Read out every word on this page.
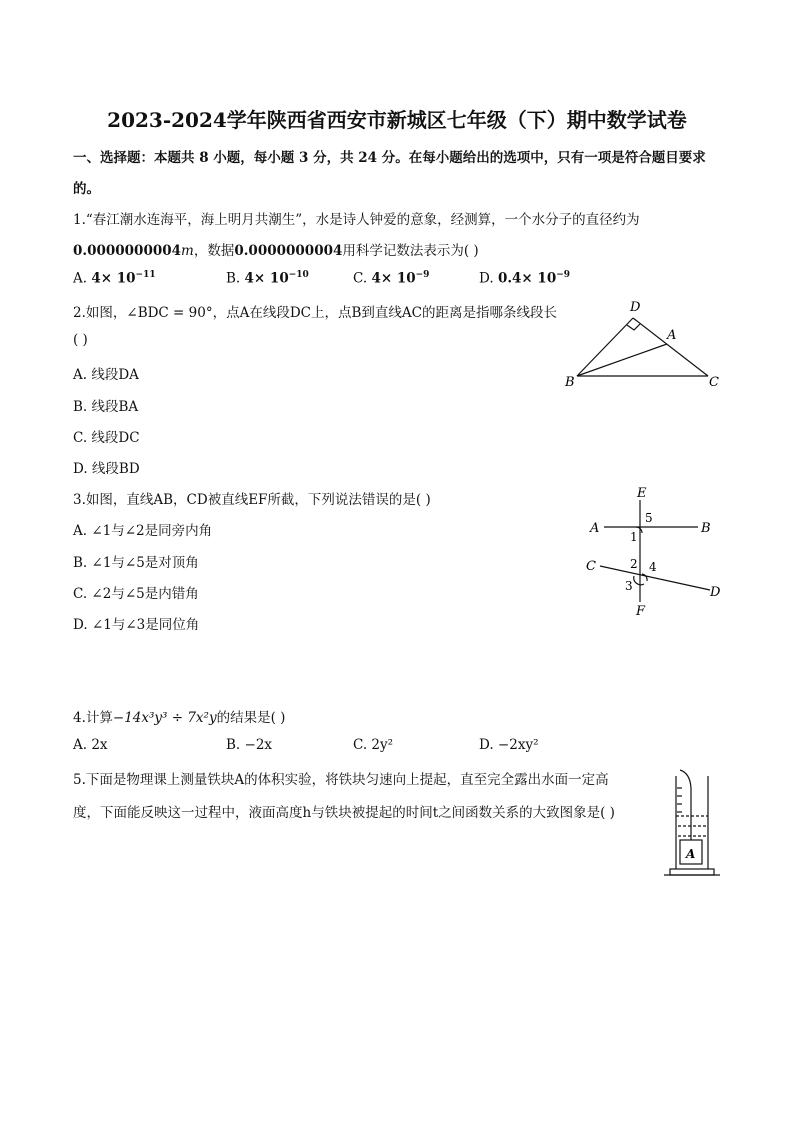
2023-2024学年陕西省西安市新城区七年级（下）期中数学试卷
一、选择题：本题共 8 小题，每小题 3 分，共 24 分。在每小题给出的选项中，只有一项是符合题目要求
的。
1.“春江潮水连海平，海上明月共潮生”，水是诗人钟爱的意象，经测算，一个水分子的直径约为
0.0000000004m，数据0.0000000004用科学记数法表示为( )
A. $4\times 10^{-11}$	B. $4\times 10^{-10}$	C. $4\times 10^{-9}$	D. $0.4\times 10^{-9}$
2.如图，∠BDC = 90°，点A在线段DC上，点B到直线AC的距离是指哪条线段长
( )
A. 线段DA
B. 线段BA
C. 线段DC
D. 线段BD
D
A
B	C
3.如图，直线AB，CD被直线EF所截，下列说法错误的是( )
A. ∠1与∠2是同旁内角
B. ∠1与∠5是对顶角
C. ∠2与∠5是内错角
D. ∠1与∠3是同位角
E
A	B
C
D
F
1
2
3
4
5
4.计算−14x³y³ ÷ 7x²y的结果是( )
A. 2x	B. −2x	C. 2y²	D. −2xy²
5.下面是物理课上测量铁块A的体积实验，将铁块匀速向上提起，直至完全露出水面一定高
度，下面能反映这一过程中，液面高度h与铁块被提起的时间t之间函数关系的大致图象是( )
A
